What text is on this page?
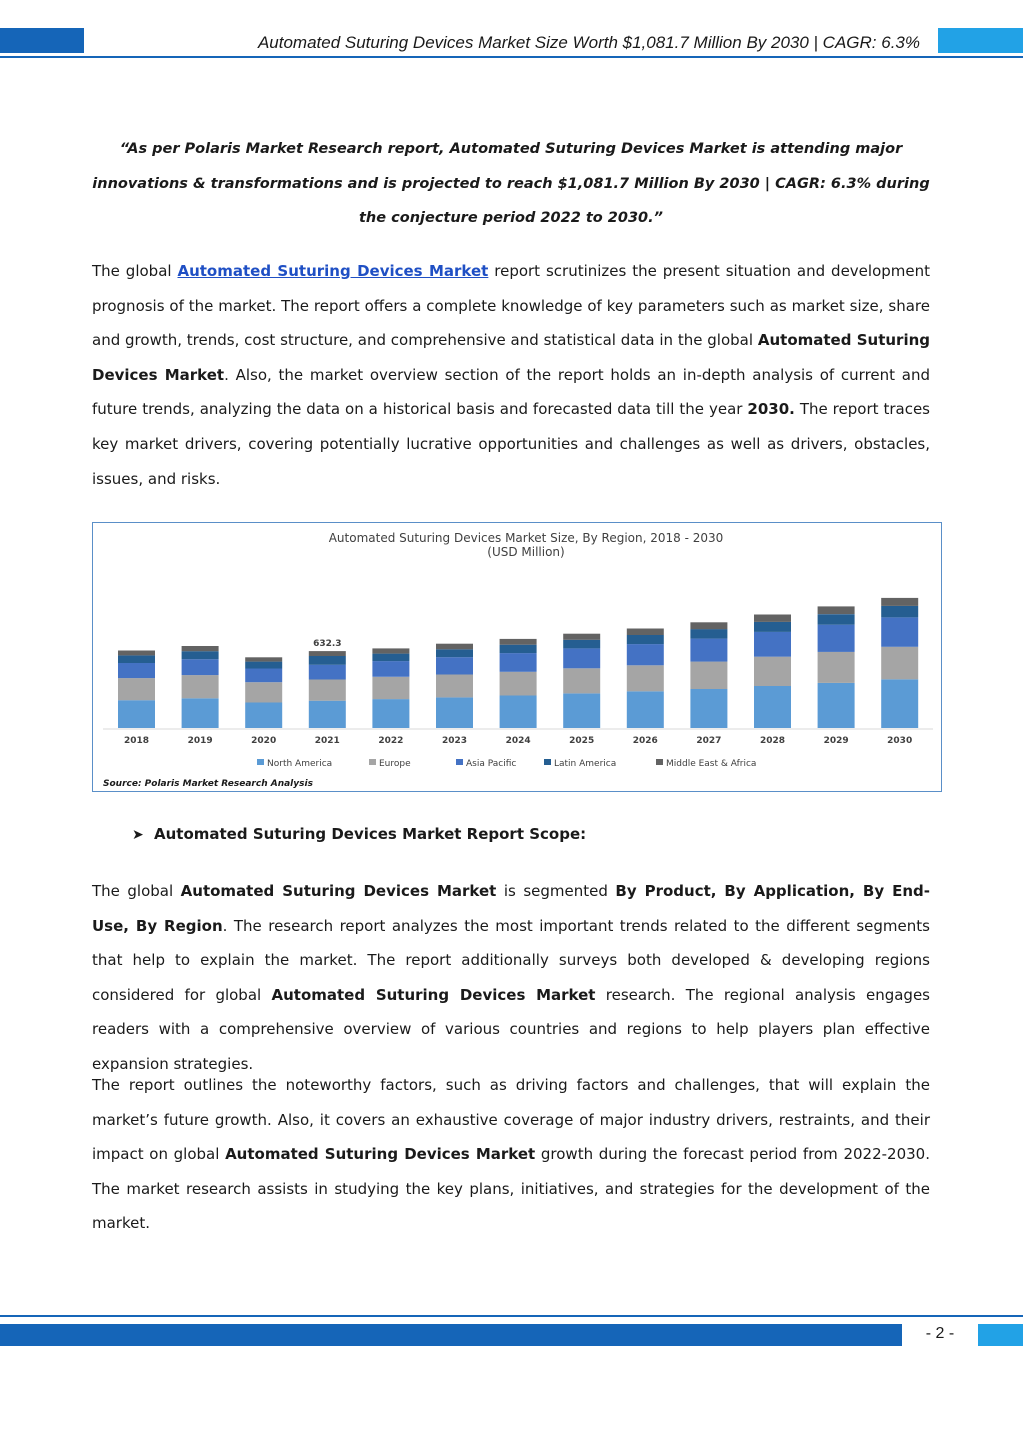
Automated Suturing Devices Market Size Worth $1,081.7 Million By 2030 | CAGR: 6.3%
“As per Polaris Market Research report, Automated Suturing Devices Market is attending major innovations & transformations and is projected to reach $1,081.7 Million By 2030 | CAGR: 6.3% during the conjecture period 2022 to 2030.”
The global Automated Suturing Devices Market report scrutinizes the present situation and development prognosis of the market. The report offers a complete knowledge of key parameters such as market size, share and growth, trends, cost structure, and comprehensive and statistical data in the global Automated Suturing Devices Market. Also, the market overview section of the report holds an in-depth analysis of current and future trends, analyzing the data on a historical basis and forecasted data till the year 2030. The report traces key market drivers, covering potentially lucrative opportunities and challenges as well as drivers, obstacles, issues, and risks.
Automated Suturing Devices Market Size, By Region, 2018 - 2030
(USD Million)
632.3
2018	2019	2020	2021	2022	2023	2024	2025	2026	2027	2028	2029	2030
North America	Europe	Asia Pacific	Latin America	Middle East & Africa
Source: Polaris Market Research Analysis
➤ Automated Suturing Devices Market Report Scope:
The global Automated Suturing Devices Market is segmented By Product, By Application, By End-Use, By Region. The research report analyzes the most important trends related to the different segments that help to explain the market. The report additionally surveys both developed & developing regions considered for global Automated Suturing Devices Market research. The regional analysis engages readers with a comprehensive overview of various countries and regions to help players plan effective expansion strategies.
The report outlines the noteworthy factors, such as driving factors and challenges, that will explain the market’s future growth. Also, it covers an exhaustive coverage of major industry drivers, restraints, and their impact on global Automated Suturing Devices Market growth during the forecast period from 2022-2030. The market research assists in studying the key plans, initiatives, and strategies for the development of the market.
- 2 -
